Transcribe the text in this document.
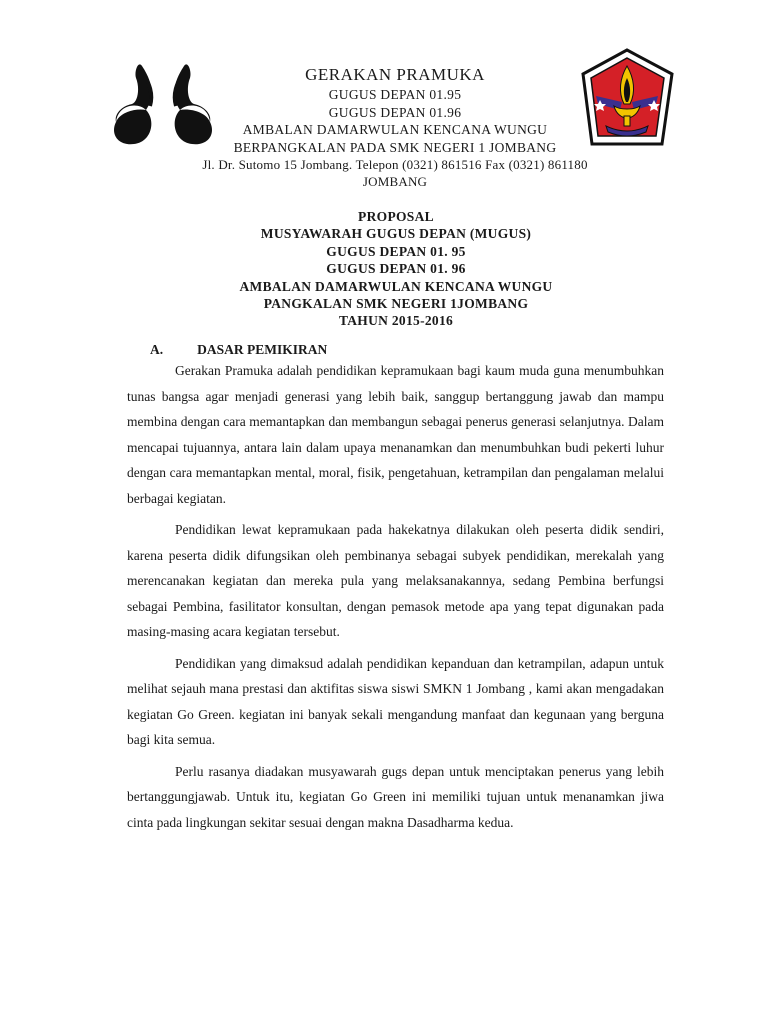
GERAKAN PRAMUKA
GUGUS DEPAN 01.95
GUGUS DEPAN 01.96
AMBALAN DAMARWULAN KENCANA WUNGU
BERPANGKALAN PADA SMK NEGERI 1 JOMBANG
Jl. Dr. Sutomo 15 Jombang. Telepon (0321) 861516 Fax (0321) 861180
JOMBANG
PROPOSAL
MUSYAWARAH GUGUS DEPAN (MUGUS)
GUGUS DEPAN 01. 95
GUGUS DEPAN 01. 96
AMBALAN DAMARWULAN KENCANA WUNGU
PANGKALAN SMK NEGERI 1JOMBANG
TAHUN 2015-2016
A.	DASAR PEMIKIRAN

Gerakan Pramuka adalah pendidikan kepramukaan bagi kaum muda guna menumbuhkan tunas bangsa agar menjadi generasi yang lebih baik, sanggup bertanggung jawab dan mampu membina dengan cara memantapkan dan membangun sebagai penerus generasi selanjutnya. Dalam mencapai tujuannya, antara lain dalam upaya menanamkan dan menumbuhkan budi pekerti luhur dengan cara memantapkan mental, moral, fisik, pengetahuan, ketrampilan dan pengalaman melalui berbagai kegiatan.

Pendidikan lewat kepramukaan pada hakekatnya dilakukan oleh peserta didik sendiri, karena peserta didik difungsikan oleh pembinanya sebagai subyek pendidikan, merekalah yang merencanakan kegiatan dan mereka pula yang melaksanakannya, sedang Pembina berfungsi sebagai Pembina, fasilitator konsultan, dengan pemasok metode apa yang tepat digunakan pada masing-masing acara kegiatan tersebut.

Pendidikan yang dimaksud adalah pendidikan kepanduan dan ketrampilan, adapun untuk melihat sejauh mana prestasi dan aktifitas siswa siswi SMKN 1 Jombang , kami akan mengadakan kegiatan Go Green. kegiatan ini banyak sekali mengandung manfaat dan kegunaan yang berguna bagi kita semua.

Perlu rasanya diadakan musyawarah gugs depan untuk menciptakan penerus yang lebih bertanggungjawab. Untuk itu, kegiatan Go Green ini memiliki tujuan untuk menanamkan jiwa cinta pada lingkungan sekitar sesuai dengan makna Dasadharma kedua.
